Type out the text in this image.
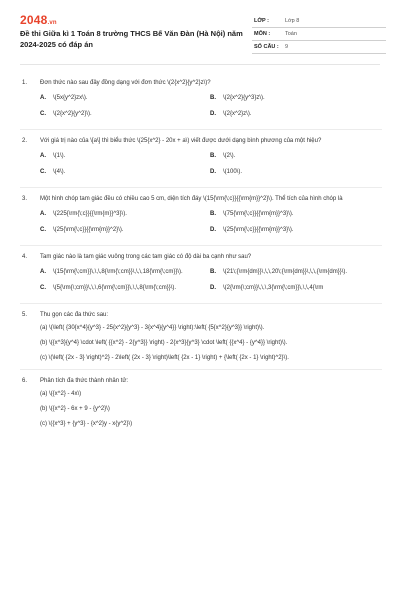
2048.vn
Đề thi Giữa kì 1 Toán 8 trường THCS Bế Văn Đàn (Hà Nội) năm 2024-2025 có đáp án
LỚP :	Lớp 8
MÔN :	Toán
SỐ CÂU : 9
1. Đơn thức nào sau đây đồng dạng với đơn thức \(2{x^2}{y^2}z\)?
A.	\(5x{y^2}zx\).	B.	\(2{x^2}{y^3}z\).
C.	\(2{x^2}{y^2}\).	D.	\(2{x^2}z\).
2. Với giá trị nào của \[a\] thì biểu thức \(25{x^2} - 20x + a\) viết được dưới dạng bình phương của một hiệu?
A.	\(1\).	B.	\(2\).
C.	\(4\).	D.	\(100\).
3. Một hình chóp tam giác đều có chiều cao 5 cm, diện tích đáy \(15{\rm{\;c}}{{\rm{m}}^2}\). Thể tích của hình chóp là
A.	\(225{\rm{\;c}}{{\rm{m}}^3}\).	B.	\(75{\rm{\;c}}{{\rm{m}}^3}\).
C.	\(25{\rm{\;c}}{{\rm{m}}^2}\).	D.	\(25{\rm{\;c}}{{\rm{m}}^3}\).
4. Tam giác nào là tam giác vuông trong các tam giác có độ dài ba cạnh như sau?
A.	\(15{\rm{\;cm}}\,\,\,8{\rm{\;cm}}\,\,\,18{\rm{\;cm}}\).	B.	\(21\;{\rm{dm}}\,\,\,20\;{\rm{dm}}\,\,\,{\rm{dm}}\).
C.	\(5{\rm{\;cm}}\,\,\,6{\rm{\;cm}}\,\,\,8{\rm{\;cm}}\).	D.	\(2{\rm{\;cm}}\,\,\,3{\rm{\;cm}}\,\,\,4{\rm
5. Thu gọn các đa thức sau:
(a) \(\left( {30{x^4}{y^3} - 25{x^2}{y^3} - 3{x^4}{y^4}} \right):\left( {5{x^2}{y^3}} \right)\).
(b) \({x^3}{y^4} \cdot \left( {{x^2} - 2{y^3}} \right) - 2{x^3}{y^3} \cdot \left( {{x^4} - {y^4}} \right)\).
(c) \(\left( {2x - 3} \right)^2} - 2\left( {2x - 3} \right)\left( {2x - 1} \right) + {\left( {2x - 1} \right)^2}\).
6. Phân tích đa thức thành nhân tử:
(a) \({x^2} - 4x\)
(b) \({x^2} - 6x + 9 - {y^2}\)
(c) \({x^3} + {y^3} - {x^2}y - x{y^2}\)
